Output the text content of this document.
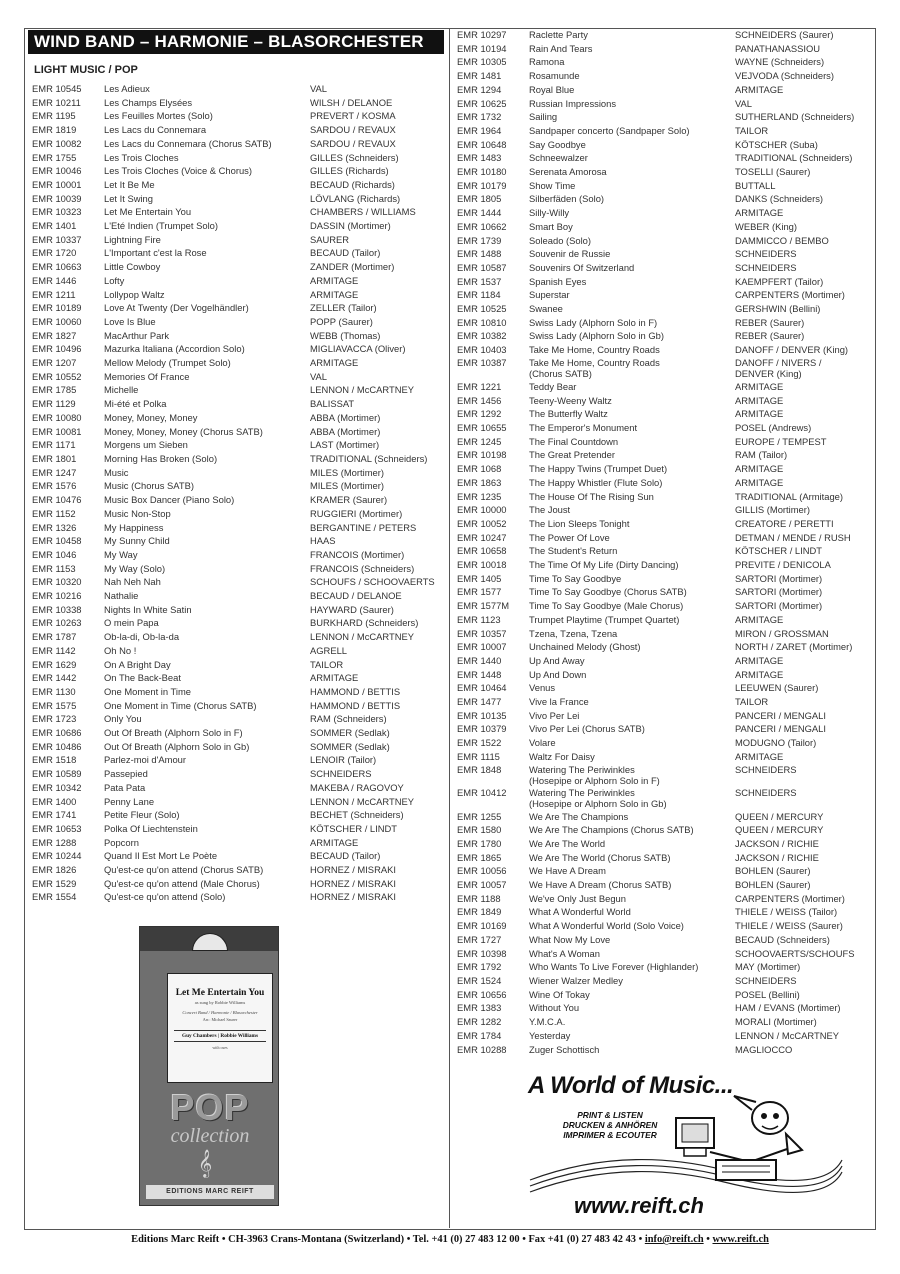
WIND BAND – HARMONIE – BLASORCHESTER
LIGHT MUSIC / POP
EMR 10545	Les Adieux	VAL
EMR 10211	Les Champs Elysées	WILSH / DELANOE
EMR 1195	Les Feuilles Mortes (Solo)	PREVERT / KOSMA
EMR 1819	Les Lacs du Connemara	SARDOU / REVAUX
EMR 10082	Les Lacs du Connemara (Chorus SATB)	SARDOU / REVAUX
EMR 1755	Les Trois Cloches	GILLES (Schneiders)
EMR 10046	Les Trois Cloches (Voice & Chorus)	GILLES (Richards)
EMR 10001	Let It Be Me	BECAUD (Richards)
EMR 10039	Let It Swing	LÖVLANG (Richards)
EMR 10323	Let Me Entertain You	CHAMBERS / WILLIAMS
EMR 1401	L'Eté Indien (Trumpet Solo)	DASSIN (Mortimer)
EMR 10337	Lightning Fire	SAURER
EMR 1720	L'Important c'est la Rose	BECAUD (Tailor)
EMR 10663	Little Cowboy	ZANDER (Mortimer)
EMR 1446	Lofty	ARMITAGE
EMR 1211	Lollypop Waltz	ARMITAGE
EMR 10189	Love At Twenty (Der Vogelhändler)	ZELLER (Tailor)
EMR 10060	Love Is Blue	POPP (Saurer)
EMR 1827	MacArthur Park	WEBB (Thomas)
EMR 10496	Mazurka Italiana (Accordion Solo)	MIGLIAVACCA (Oliver)
EMR 1207	Mellow Melody (Trumpet Solo)	ARMITAGE
EMR 10552	Memories Of France	VAL
EMR 1785	Michelle	LENNON / McCARTNEY
EMR 1129	Mi-été et Polka	BALISSAT
EMR 10080	Money, Money, Money	ABBA (Mortimer)
EMR 10081	Money, Money, Money (Chorus SATB)	ABBA (Mortimer)
EMR 1171	Morgens um Sieben	LAST (Mortimer)
EMR 1801	Morning Has Broken (Solo)	TRADITIONAL (Schneiders)
EMR 1247	Music	MILES (Mortimer)
EMR 1576	Music (Chorus SATB)	MILES (Mortimer)
EMR 10476	Music Box Dancer (Piano Solo)	KRAMER (Saurer)
EMR 1152	Music Non-Stop	RUGGIERI (Mortimer)
EMR 1326	My Happiness	BERGANTINE / PETERS
EMR 10458	My Sunny Child	HAAS
EMR 1046	My Way	FRANCOIS (Mortimer)
EMR 1153	My Way (Solo)	FRANCOIS (Schneiders)
EMR 10320	Nah Neh Nah	SCHOUFS / SCHOOVAERTS
EMR 10216	Nathalie	BECAUD / DELANOE
EMR 10338	Nights In White Satin	HAYWARD (Saurer)
EMR 10263	O mein Papa	BURKHARD (Schneiders)
EMR 1787	Ob-la-di, Ob-la-da	LENNON / McCARTNEY
EMR 1142	Oh No !	AGRELL
EMR 1629	On A Bright Day	TAILOR
EMR 1442	On The Back-Beat	ARMITAGE
EMR 1130	One Moment in Time	HAMMOND / BETTIS
EMR 1575	One Moment in Time (Chorus SATB)	HAMMOND / BETTIS
EMR 1723	Only You	RAM (Schneiders)
EMR 10686	Out Of Breath (Alphorn Solo in F)	SOMMER (Sedlak)
EMR 10486	Out Of Breath (Alphorn Solo in Gb)	SOMMER (Sedlak)
EMR 1518	Parlez-moi d'Amour	LENOIR (Tailor)
EMR 10589	Passepied	SCHNEIDERS
EMR 10342	Pata Pata	MAKEBA / RAGOVOY
EMR 1400	Penny Lane	LENNON / McCARTNEY
EMR 1741	Petite Fleur (Solo)	BECHET (Schneiders)
EMR 10653	Polka Of Liechtenstein	KÖTSCHER / LINDT
EMR 1288	Popcorn	ARMITAGE
EMR 10244	Quand Il Est Mort Le Poète	BECAUD (Tailor)
EMR 1826	Qu'est-ce qu'on attend (Chorus SATB)	HORNEZ / MISRAKI
EMR 1529	Qu'est-ce qu'on attend (Male Chorus)	HORNEZ / MISRAKI
EMR 1554	Qu'est-ce qu'on attend (Solo)	HORNEZ / MISRAKI
EMR 10297	Raclette Party	SCHNEIDERS (Saurer)
EMR 10194	Rain And Tears	PANATHANASSIOU
EMR 10305	Ramona	WAYNE (Schneiders)
EMR 1481	Rosamunde	VEJVODA (Schneiders)
EMR 1294	Royal Blue	ARMITAGE
EMR 10625	Russian Impressions	VAL
EMR 1732	Sailing	SUTHERLAND (Schneiders)
EMR 1964	Sandpaper concerto (Sandpaper Solo)	TAILOR
EMR 10648	Say Goodbye	KÖTSCHER (Suba)
EMR 1483	Schneewalzer	TRADITIONAL (Schneiders)
EMR 10180	Serenata Amorosa	TOSELLI (Saurer)
EMR 10179	Show Time	BUTTALL
EMR 1805	Silberfäden (Solo)	DANKS (Schneiders)
EMR 1444	Silly-Willy	ARMITAGE
EMR 10662	Smart Boy	WEBER (King)
EMR 1739	Soleado (Solo)	DAMMICCO / BEMBO
EMR 1488	Souvenir de Russie	SCHNEIDERS
EMR 10587	Souvenirs Of Switzerland	SCHNEIDERS
EMR 1537	Spanish Eyes	KAEMPFERT (Tailor)
EMR 1184	Superstar	CARPENTERS (Mortimer)
EMR 10525	Swanee	GERSHWIN (Bellini)
EMR 10810	Swiss Lady (Alphorn Solo in F)	REBER (Saurer)
EMR 10382	Swiss Lady (Alphorn Solo in Gb)	REBER (Saurer)
EMR 10403	Take Me Home, Country Roads	DANOFF / DENVER (King)
EMR 10387	Take Me Home, Country Roads
(Chorus SATB)
DANOFF / NIVERS /
DENVER (King)
EMR 1221	Teddy Bear	ARMITAGE
EMR 1456	Teeny-Weeny Waltz	ARMITAGE
EMR 1292	The Butterfly Waltz	ARMITAGE
EMR 10655	The Emperor's Monument	POSEL (Andrews)
EMR 1245	The Final Countdown	EUROPE / TEMPEST
EMR 10198	The Great Pretender	RAM (Tailor)
EMR 1068	The Happy Twins (Trumpet Duet)	ARMITAGE
EMR 1863	The Happy Whistler (Flute Solo)	ARMITAGE
EMR 1235	The House Of The Rising Sun	TRADITIONAL (Armitage)
EMR 10000	The Joust	GILLIS (Mortimer)
EMR 10052	The Lion Sleeps Tonight	CREATORE / PERETTI
EMR 10247	The Power Of Love	DETMAN / MENDE / RUSH
EMR 10658	The Student's Return	KÖTSCHER / LINDT
EMR 10018	The Time Of My Life (Dirty Dancing)	PREVITE / DENICOLA
EMR 1405	Time To Say Goodbye	SARTORI (Mortimer)
EMR 1577	Time To Say Goodbye (Chorus SATB)	SARTORI (Mortimer)
EMR 1577M	Time To Say Goodbye (Male Chorus)	SARTORI (Mortimer)
EMR 1123	Trumpet Playtime (Trumpet Quartet)	ARMITAGE
EMR 10357	Tzena, Tzena, Tzena	MIRON / GROSSMAN
EMR 10007	Unchained Melody (Ghost)	NORTH / ZARET (Mortimer)
EMR 1440	Up And Away	ARMITAGE
EMR 1448	Up And Down	ARMITAGE
EMR 10464	Venus	LEEUWEN (Saurer)
EMR 1477	Vive la France	TAILOR
EMR 10135	Vivo Per Lei	PANCERI / MENGALI
EMR 10379	Vivo Per Lei (Chorus SATB)	PANCERI / MENGALI
EMR 1522	Volare	MODUGNO (Tailor)
EMR 1115	Waltz For Daisy	ARMITAGE
EMR 1848	Watering The Periwinkles
(Hosepipe or Alphorn Solo in F)
SCHNEIDERS
EMR 10412	Watering The Periwinkles
(Hosepipe or Alphorn Solo in Gb)
SCHNEIDERS
EMR 1255	We Are The Champions	QUEEN / MERCURY
EMR 1580	We Are The Champions (Chorus SATB)	QUEEN / MERCURY
EMR 1780	We Are The World	JACKSON / RICHIE
EMR 1865	We Are The World (Chorus SATB)	JACKSON / RICHIE
EMR 10056	We Have A Dream	BOHLEN (Saurer)
EMR 10057	We Have A Dream (Chorus SATB)	BOHLEN (Saurer)
EMR 1188	We've Only Just Begun	CARPENTERS (Mortimer)
EMR 1849	What A Wonderful World	THIELE / WEISS (Tailor)
EMR 10169	What A Wonderful World (Solo Voice)	THIELE / WEISS (Saurer)
EMR 1727	What Now My Love	BECAUD (Schneiders)
EMR 10398	What's A Woman	SCHOOVAERTS/SCHOUFS
EMR 1792	Who Wants To Live Forever (Highlander)	MAY (Mortimer)
EMR 1524	Wiener Walzer Medley	SCHNEIDERS
EMR 10656	Wine Of Tokay	POSEL (Bellini)
EMR 1383	Without You	HAM / EVANS (Mortimer)
EMR 1282	Y.M.C.A.	MORALI (Mortimer)
EMR 1784	Yesterday	LENNON / McCARTNEY
EMR 10288	Zuger Schottisch	MAGLIOCCO
Let Me Entertain You
as sung by Robbie Williams
Concert Band / Harmonie / Blasorchester
Arr.: Michael Saurer
Guy Chambers | Robbie Williams
with cues
POP
collection
𝄞
EDITIONS MARC REIFT
A World of Music...
PRINT & LISTEN
DRUCKEN & ANHÖREN
IMPRIMER & ECOUTER
www.reift.ch
Editions Marc Reift • CH-3963 Crans-Montana (Switzerland) • Tel. +41 (0) 27 483 12 00 • Fax +41 (0) 27 483 42 43 • info@reift.ch • www.reift.ch
